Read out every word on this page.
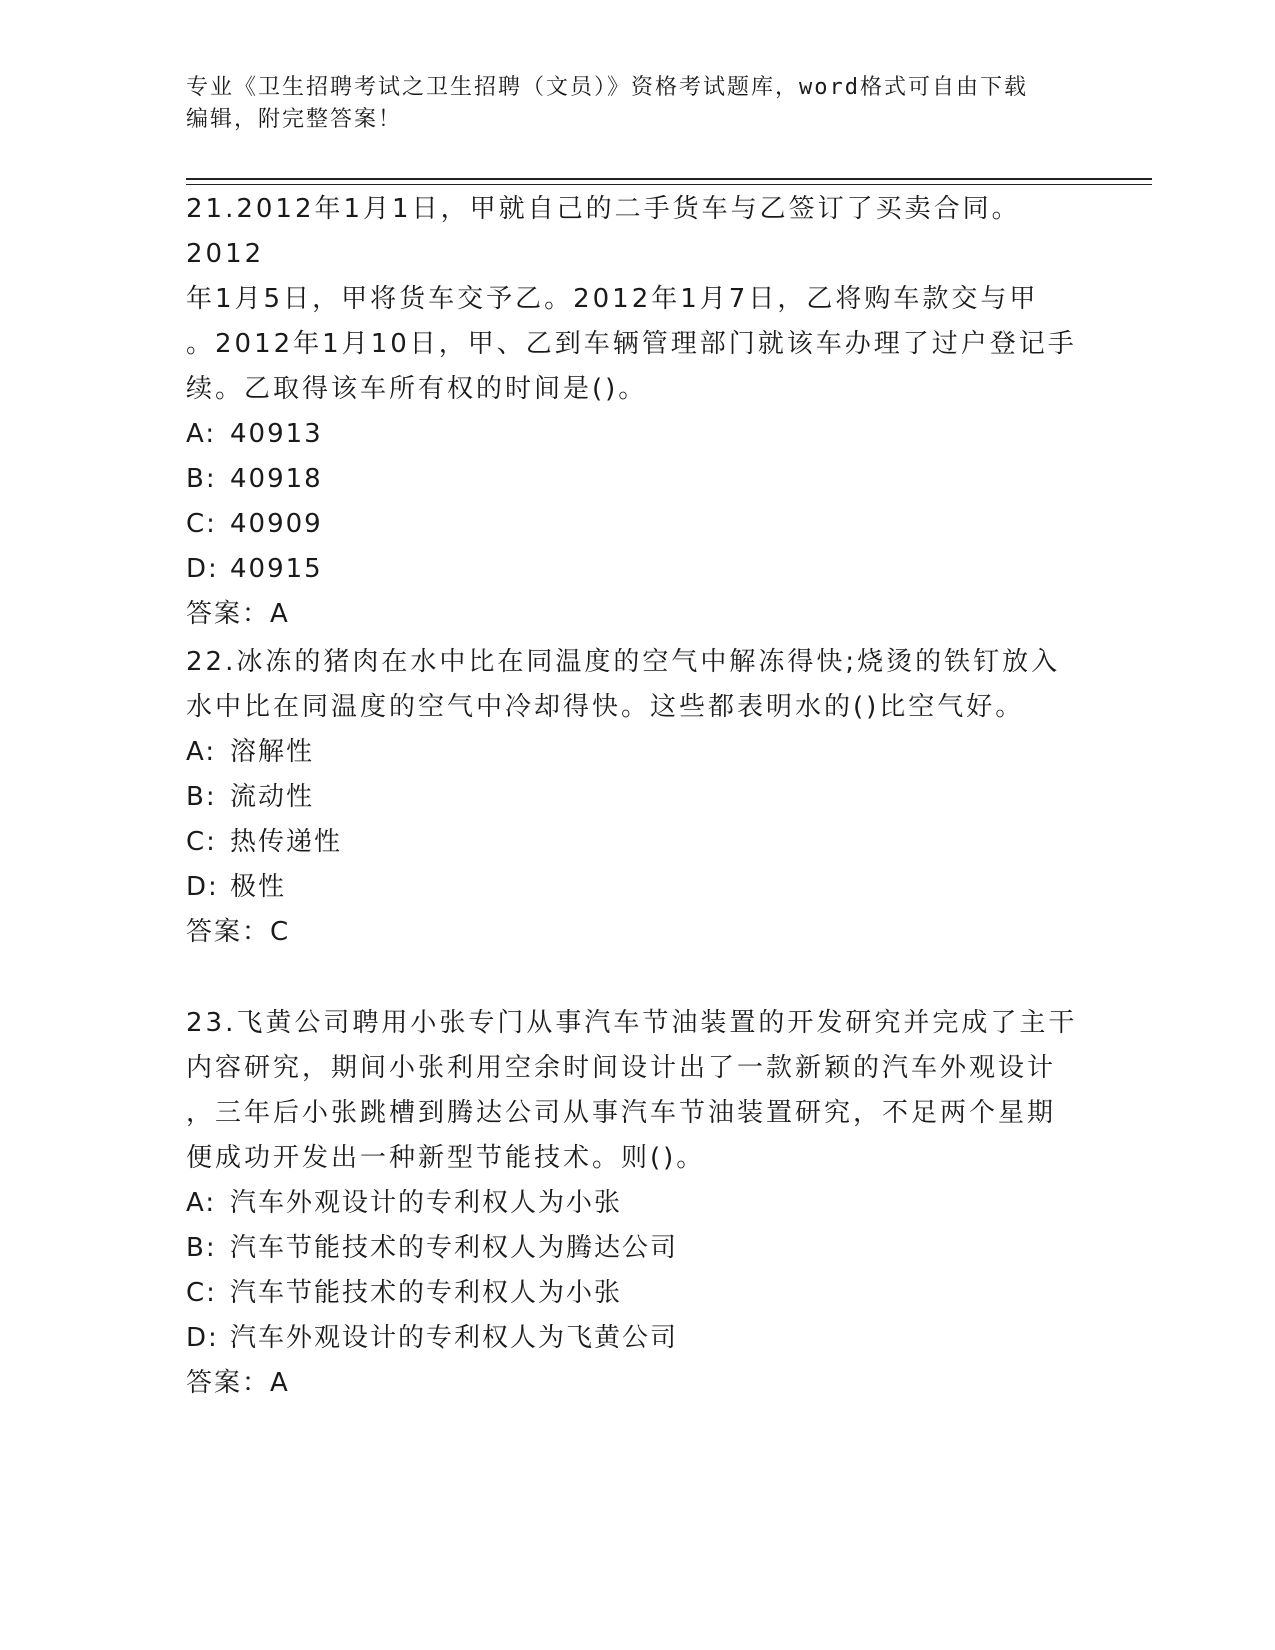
专业《卫生招聘考试之卫生招聘（文员）》资格考试题库，word格式可自由下载
编辑，附完整答案！
21.2012年1月1日，甲就自己的二手货车与乙签订了买卖合同。2012
年1月5日，甲将货车交予乙。2012年1月7日，乙将购车款交与甲
。2012年1月10日，甲、乙到车辆管理部门就该车办理了过户登记手
续。乙取得该车所有权的时间是()。
A: 40913
B: 40918
C: 40909
D: 40915
答案：A
22.冰冻的猪肉在水中比在同温度的空气中解冻得快;烧烫的铁钉放入
水中比在同温度的空气中冷却得快。这些都表明水的()比空气好。
A: 溶解性
B: 流动性
C: 热传递性
D: 极性
答案：C
23.飞黄公司聘用小张专门从事汽车节油装置的开发研究并完成了主干
内容研究，期间小张利用空余时间设计出了一款新颖的汽车外观设计
，三年后小张跳槽到腾达公司从事汽车节油装置研究，不足两个星期
便成功开发出一种新型节能技术。则()。
A: 汽车外观设计的专利权人为小张
B: 汽车节能技术的专利权人为腾达公司
C: 汽车节能技术的专利权人为小张
D: 汽车外观设计的专利权人为飞黄公司
答案：A
